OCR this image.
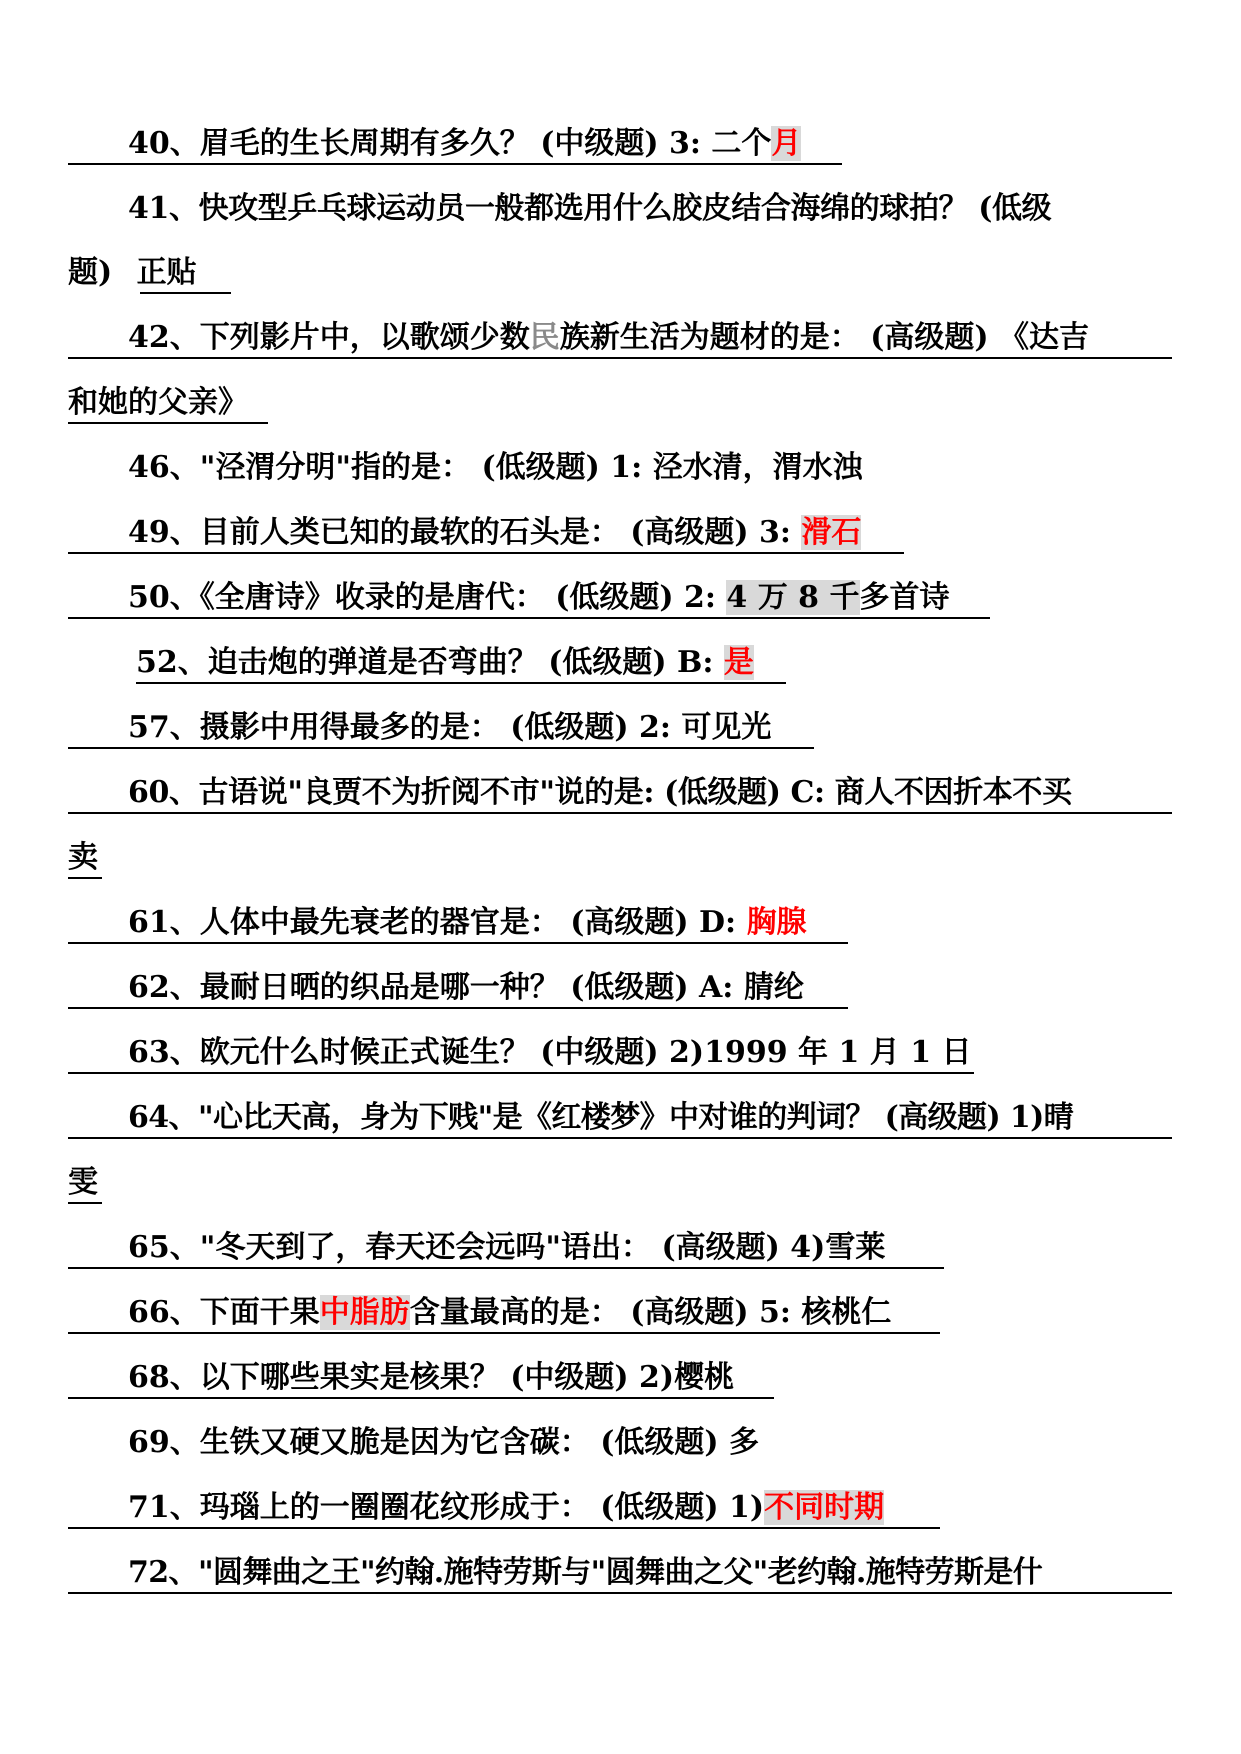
40、眉毛的生长周期有多久？ (中级题) 3: 二个月
41、快攻型乒乓球运动员一般都选用什么胶皮结合海绵的球拍？ (低级
题) 正贴
42、下列影片中，以歌颂少数民族新生活为题材的是： (高级题) 《达吉
和她的父亲》
46、"泾渭分明"指的是： (低级题) 1: 泾水清，渭水浊
49、目前人类已知的最软的石头是： (高级题) 3: 滑石
50、《全唐诗》收录的是唐代： (低级题) 2: 4 万 8 千多首诗
52、迫击炮的弹道是否弯曲？ (低级题) B: 是
57、摄影中用得最多的是： (低级题) 2: 可见光
60、古语说"良贾不为折阅不市"说的是: (低级题) C: 商人不因折本不买
卖
61、人体中最先衰老的器官是： (高级题) D: 胸腺
62、最耐日晒的织品是哪一种？ (低级题) A: 腈纶
63、欧元什么时候正式诞生？ (中级题) 2)1999 年 1 月 1 日
64、"心比天高，身为下贱"是《红楼梦》中对谁的判词？ (高级题) 1)晴
雯
65、"冬天到了，春天还会远吗"语出： (高级题) 4)雪莱
66、下面干果中脂肪含量最高的是： (高级题) 5: 核桃仁
68、以下哪些果实是核果？ (中级题) 2)樱桃
69、生铁又硬又脆是因为它含碳： (低级题) 多
71、玛瑙上的一圈圈花纹形成于： (低级题) 1)不同时期
72、"圆舞曲之王"约翰.施特劳斯与"圆舞曲之父"老约翰.施特劳斯是什
